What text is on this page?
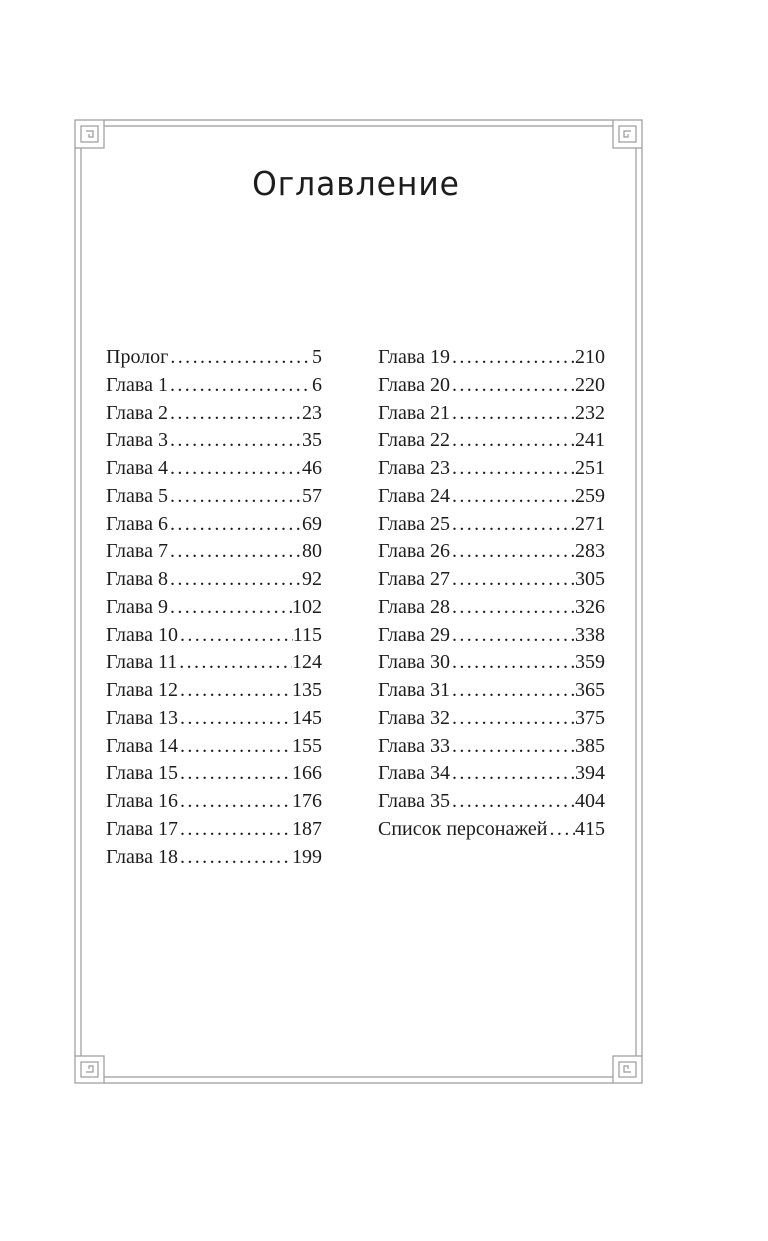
Оглавление
Пролог . . .	5
Глава 1 . . .	6
Глава 2 . . .	23
Глава 3 . . .	35
Глава 4 . . .	46
Глава 5 . . .	57
Глава 6 . . .	69
Глава 7 . . .	80
Глава 8 . . .	92
Глава 9 . . .	102
Глава 10 . . .	115
Глава 11 . . .	124
Глава 12 . . .	135
Глава 13 . . .	145
Глава 14 . . .	155
Глава 15 . . .	166
Глава 16 . . .	176
Глава 17 . . .	187
Глава 18 . . .	199
Глава 19 . . .	210
Глава 20 . . .	220
Глава 21 . . .	232
Глава 22 . . .	241
Глава 23 . . .	251
Глава 24 . . .	259
Глава 25 . . .	271
Глава 26 . . .	283
Глава 27 . . .	305
Глава 28 . . .	326
Глава 29 . . .	338
Глава 30 . . .	359
Глава 31 . . .	365
Глава 32 . . .	375
Глава 33 . . .	385
Глава 34 . . .	394
Глава 35 . . .	404
Список персонажей . . . 415
